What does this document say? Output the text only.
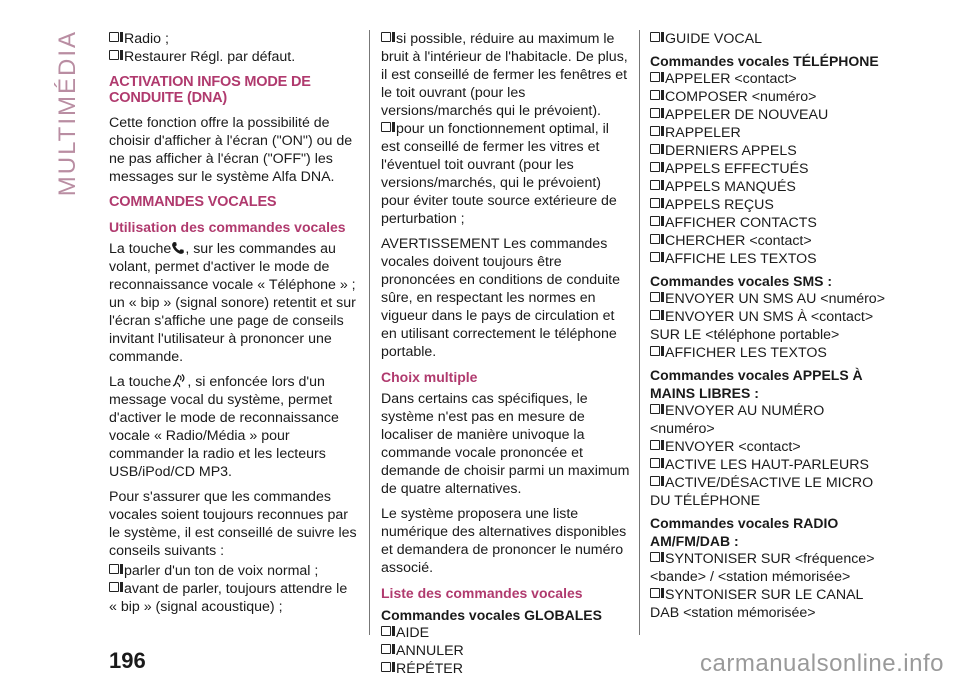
MULTIMÉDIA	Radio ;
Restaurer Régl. par défaut.
ACTIVATION INFOS MODE DE CONDUITE (DNA)

Cette fonction offre la possibilité de choisir d'afficher à l'écran ("ON") ou de ne pas afficher à l'écran ("OFF") les messages sur le système Alfa DNA.

COMMANDES VOCALES
Utilisation des commandes vocales

La touche , sur les commandes au volant, permet d'activer le mode de reconnaissance vocale « Téléphone » ; un « bip » (signal sonore) retentit et sur l'écran s'affiche une page de conseils invitant l'utilisateur à prononcer une commande.

La touche , si enfoncée lors d'un message vocal du système, permet d'activer le mode de reconnaissance vocale « Radio/Média » pour commander la radio et les lecteurs USB/iPod/CD MP3.

Pour s'assurer que les commandes vocales soient toujours reconnues par le système, il est conseillé de suivre les conseils suivants :

parler d'un ton de voix normal ;
avant de parler, toujours attendre le « bip » (signal acoustique) ;
si possible, réduire au maximum le bruit à l'intérieur de l'habitacle. De plus, il est conseillé de fermer les fenêtres et le toit ouvrant (pour les versions/marchés qui le prévoient).
pour un fonctionnement optimal, il est conseillé de fermer les vitres et l'éventuel toit ouvrant (pour les versions/marchés, qui le prévoient) pour éviter toute source extérieure de perturbation ;

AVERTISSEMENT Les commandes vocales doivent toujours être prononcées en conditions de conduite sûre, en respectant les normes en vigueur dans le pays de circulation et en utilisant correctement le téléphone portable.

Choix multiple

Dans certains cas spécifiques, le système n'est pas en mesure de localiser de manière univoque la commande vocale prononcée et demande de choisir parmi un maximum de quatre alternatives.

Le système proposera une liste numérique des alternatives disponibles et demandera de prononcer le numéro associé.

Liste des commandes vocales
Commandes vocales GLOBALES
AIDE
ANNULER
RÉPÉTER
GUIDE VOCAL
Commandes vocales TÉLÉPHONE
APPELER <contact>
COMPOSER <numéro>
APPELER DE NOUVEAU
RAPPELER
DERNIERS APPELS
APPELS EFFECTUÉS
APPELS MANQUÉS
APPELS REÇUS
AFFICHER CONTACTS
CHERCHER <contact>
AFFICHE LES TEXTOS
Commandes vocales SMS :
ENVOYER UN SMS AU <numéro>
ENVOYER UN SMS À <contact> SUR LE <téléphone portable>
AFFICHER LES TEXTOS
Commandes vocales APPELS À MAINS LIBRES :
ENVOYER AU NUMÉRO <numéro>
ENVOYER <contact>
ACTIVE LES HAUT-PARLEURS
ACTIVE/DÉSACTIVE LE MICRO DU TÉLÉPHONE
Commandes vocales RADIO AM/FM/DAB :
SYNTONISER SUR <fréquence><bande> / <station mémorisée>
SYNTONISER SUR LE CANAL DAB <station mémorisée>
196	carmanualsonline.info
